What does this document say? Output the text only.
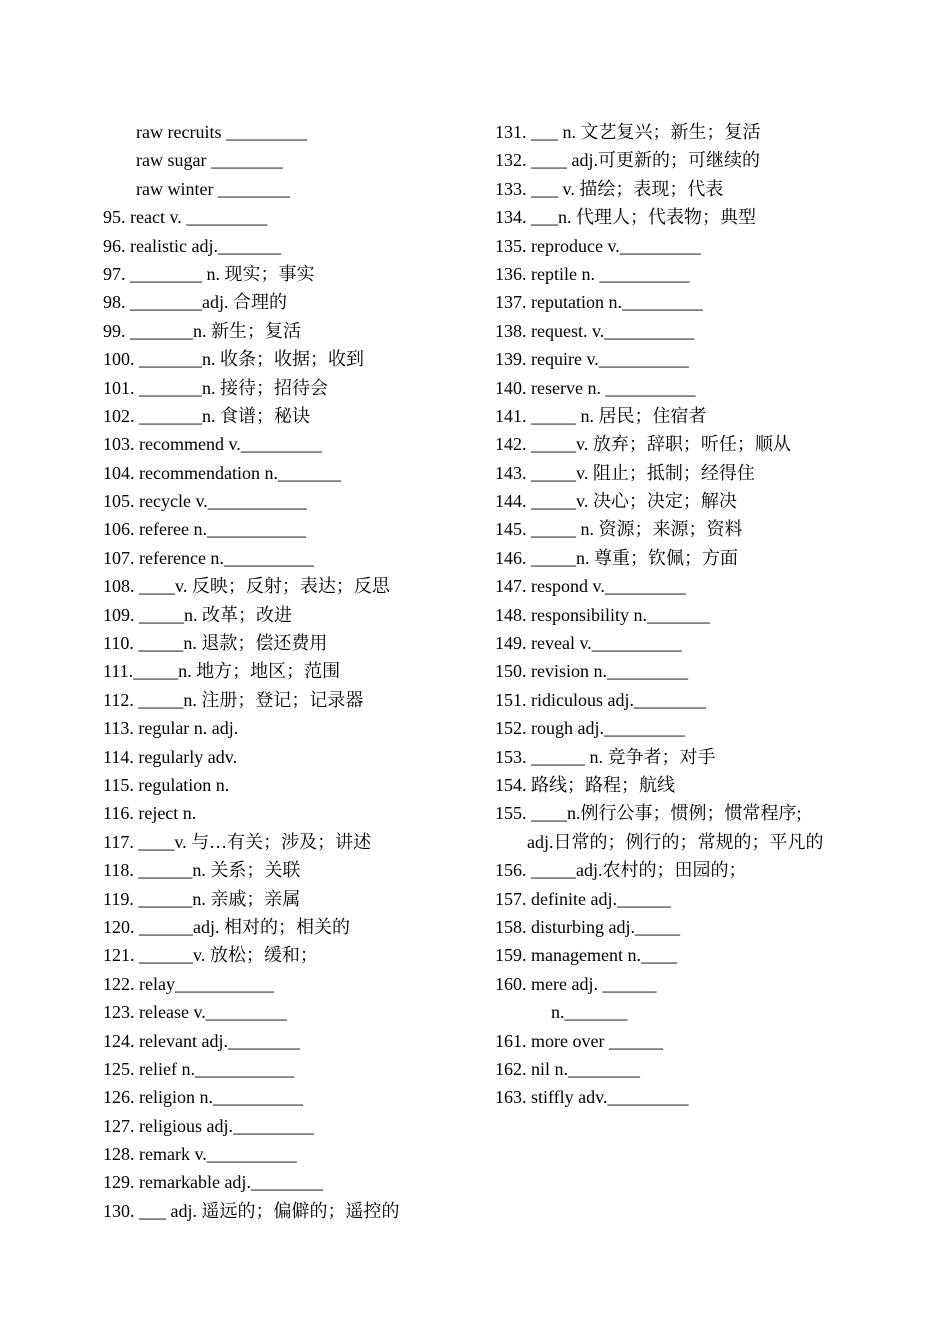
raw recruits _________
raw sugar ________
raw winter ________
95. react v. _________
96. realistic adj._______
97. ________ n. 现实；事实
98. ________adj. 合理的
99. _______n. 新生；复活
100. _______n. 收条；收据；收到
101. _______n. 接待；招待会
102. _______n. 食谱；秘诀
103. recommend v._________
104. recommendation n._______
105. recycle v.___________
106. referee n.___________
107. reference n.__________
108. ____v. 反映；反射；表达；反思
109. _____n. 改革；改进
110. _____n. 退款；偿还费用
111._____n. 地方；地区；范围
112. _____n. 注册；登记；记录器
113. regular n. adj.
114. regularly adv.
115. regulation n.
116. reject n.
117. ____v. 与…有关；涉及；讲述
118. ______n. 关系；关联
119. ______n. 亲戚；亲属
120. ______adj. 相对的；相关的
121. ______v. 放松；缓和；
122. relay___________
123. release v._________
124. relevant adj.________
125. relief n.___________
126. religion n.__________
127. religious adj._________
128. remark v.__________
129. remarkable adj.________
130. ___ adj. 遥远的；偏僻的；遥控的
131. ___ n. 文艺复兴；新生；复活
132. ____ adj.可更新的；可继续的
133. ___ v. 描绘；表现；代表
134. ___n. 代理人；代表物；典型
135. reproduce v._________
136. reptile n. __________
137. reputation n._________
138. request. v.__________
139. require v.__________
140. reserve n. __________
141. _____ n. 居民；住宿者
142. _____v. 放弃；辞职；听任；顺从
143. _____v. 阻止；抵制；经得住
144. _____v. 决心；决定；解决
145. _____ n. 资源；来源；资料
146. _____n. 尊重；钦佩；方面
147. respond v._________
148. responsibility n._______
149. reveal v.__________
150. revision n._________
151. ridiculous adj.________
152. rough adj._________
153. ______ n. 竞争者；对手
154. 路线；路程；航线
155. ____n.例行公事；惯例；惯常程序;
adj.日常的；例行的；常规的；平凡的
156. _____adj.农村的；田园的；
157. definite adj.______
158. disturbing adj._____
159. management n.____
160. mere adj. ______
n._______
161. more over ______
162. nil n.________
163. stiffly adv._________
